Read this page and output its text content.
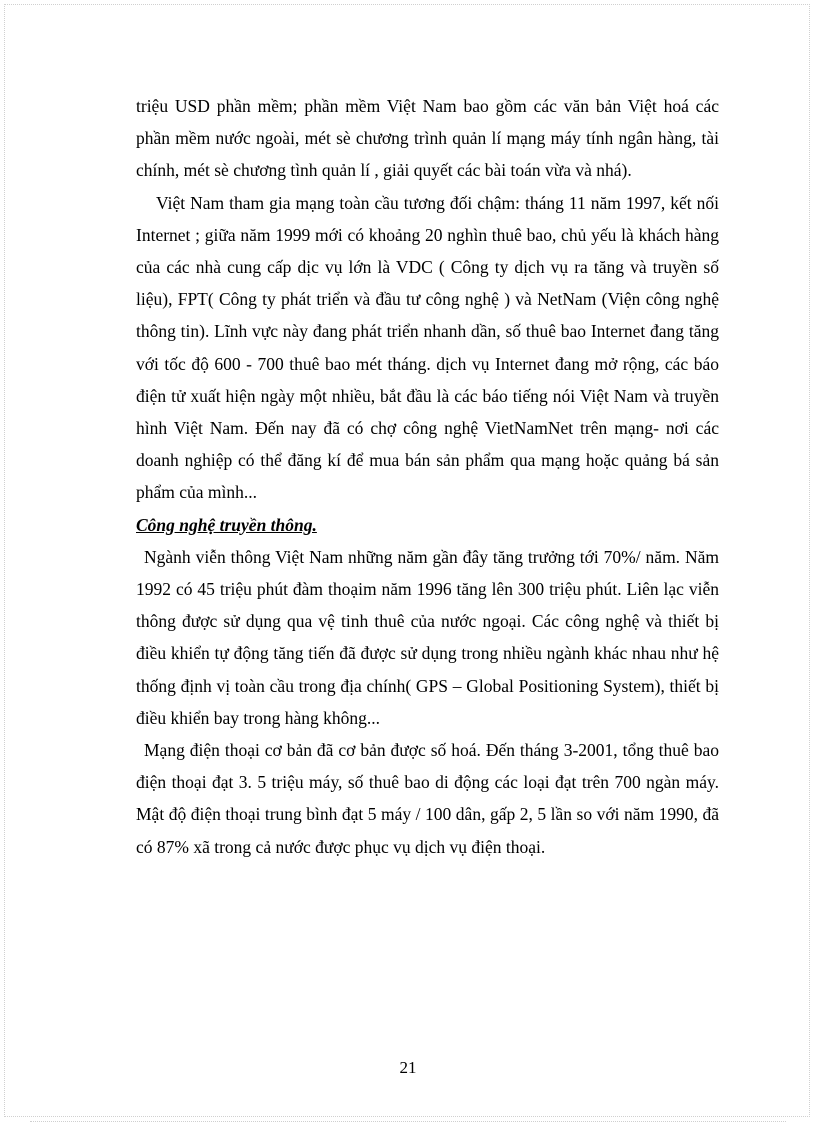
triệu USD phần mềm; phần mềm Việt Nam bao gồm các văn bản Việt hoá các phần mềm nước ngoài, mét sè chương trình quản lí mạng máy tính ngân hàng, tài chính, mét sè chương tình quản lí , giải quyết các bài toán vừa và nhá).

Việt Nam tham gia mạng toàn cầu tương đối chậm: tháng 11 năm 1997, kết nối Internet ; giữa năm 1999 mới có khoảng 20 nghìn thuê bao, chủ yếu là khách hàng của các nhà cung cấp dịc vụ lớn là VDC ( Công ty dịch vụ ra tăng và truyền số liệu), FPT( Công ty phát triển và đầu tư công nghệ ) và NetNam (Viện công nghệ thông tin). Lĩnh vực này đang phát triển nhanh dần, số thuê bao Internet đang tăng với tốc độ 600 - 700 thuê bao mét tháng. dịch vụ Internet đang mở rộng, các báo điện tử xuất hiện ngày một nhiều, bắt đầu là các báo tiếng nói Việt Nam và truyền hình Việt Nam. Đến nay đã có chợ công nghệ VietNamNet trên mạng- nơi các doanh nghiệp có thể đăng kí để mua bán sản phẩm qua mạng hoặc quảng bá sản phẩm của mình...

Công nghệ truyền thông.

Ngành viễn thông Việt Nam những năm gần đây tăng trưởng tới 70%/ năm. Năm 1992 có 45 triệu phút đàm thoạim năm 1996 tăng lên 300 triệu phút. Liên lạc viễn thông được sử dụng qua vệ tinh thuê của nước ngoại. Các công nghệ và thiết bị điều khiển tự động tăng tiến đã được sử dụng trong nhiều ngành khác nhau như hệ thống định vị toàn cầu trong địa chính( GPS – Global Positioning System), thiết bị điều khiển bay trong hàng không...

Mạng điện thoại cơ bản đã cơ bản được số hoá. Đến tháng 3-2001, tổng thuê bao điện thoại đạt 3. 5 triệu máy, số thuê bao di động các loại đạt trên 700 ngàn máy. Mật độ điện thoại trung bình đạt 5 máy / 100 dân, gấp 2, 5 lần so với năm 1990, đã có 87% xã trong cả nước được phục vụ dịch vụ điện thoại.

21
